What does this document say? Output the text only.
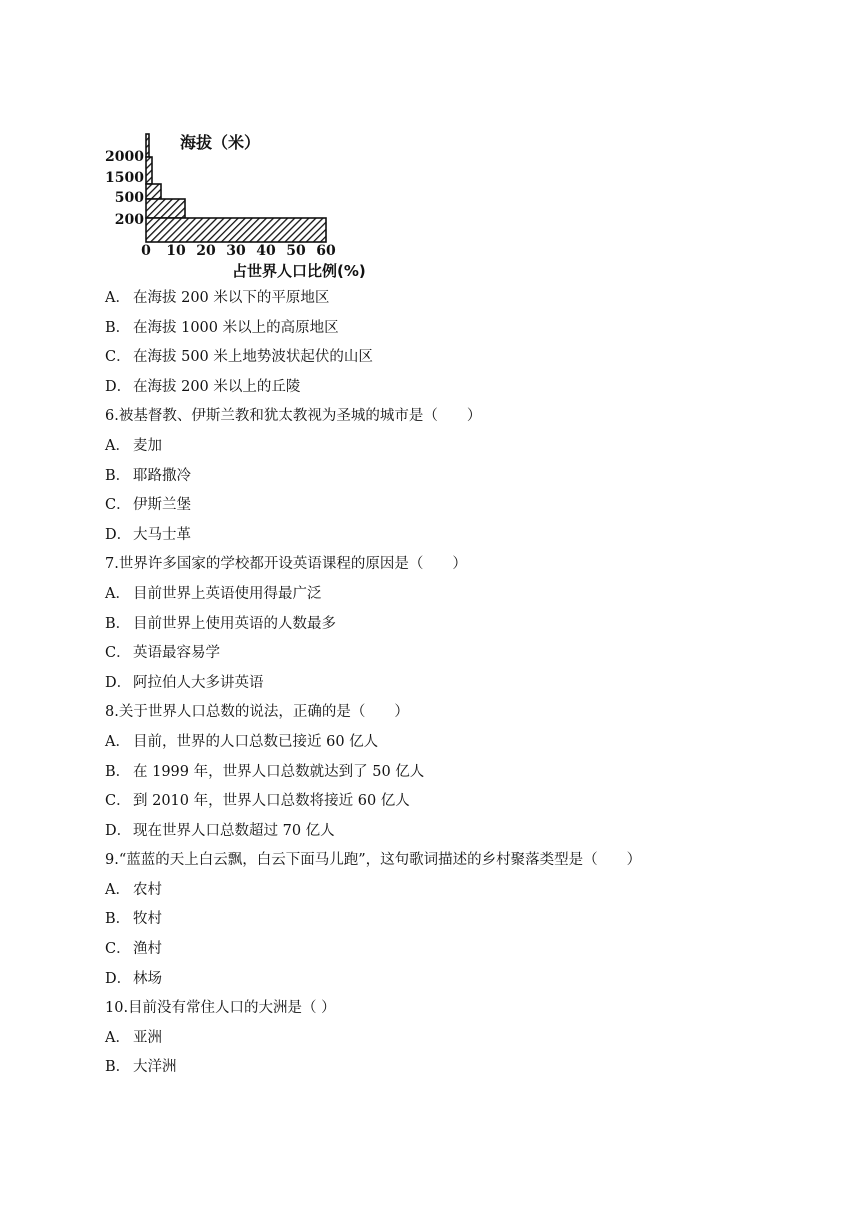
2000
1500
500
200
0 10 20 30 40 50 60
海拔（米）
占世界人口比例(%)
A． 在海拔 200 米以下的平原地区
B． 在海拔 1000 米以上的高原地区
C． 在海拔 500 米上地势波状起伏的山区
D． 在海拔 200 米以上的丘陵
6.被基督教、伊斯兰教和犹太教视为圣城的城市是（　　）
A． 麦加
B． 耶路撒冷
C． 伊斯兰堡
D． 大马士革
7.世界许多国家的学校都开设英语课程的原因是（　　）
A． 目前世界上英语使用得最广泛
B． 目前世界上使用英语的人数最多
C． 英语最容易学
D． 阿拉伯人大多讲英语
8.关于世界人口总数的说法，正确的是（　　）
A． 目前，世界的人口总数已接近 60 亿人
B． 在 1999 年，世界人口总数就达到了 50 亿人
C． 到 2010 年，世界人口总数将接近 60 亿人
D． 现在世界人口总数超过 70 亿人
9.“蓝蓝的天上白云飘，白云下面马儿跑”，这句歌词描述的乡村聚落类型是（　　）
A． 农村
B． 牧村
C． 渔村
D． 林场
10.目前没有常住人口的大洲是（ ）
A． 亚洲
B． 大洋洲
